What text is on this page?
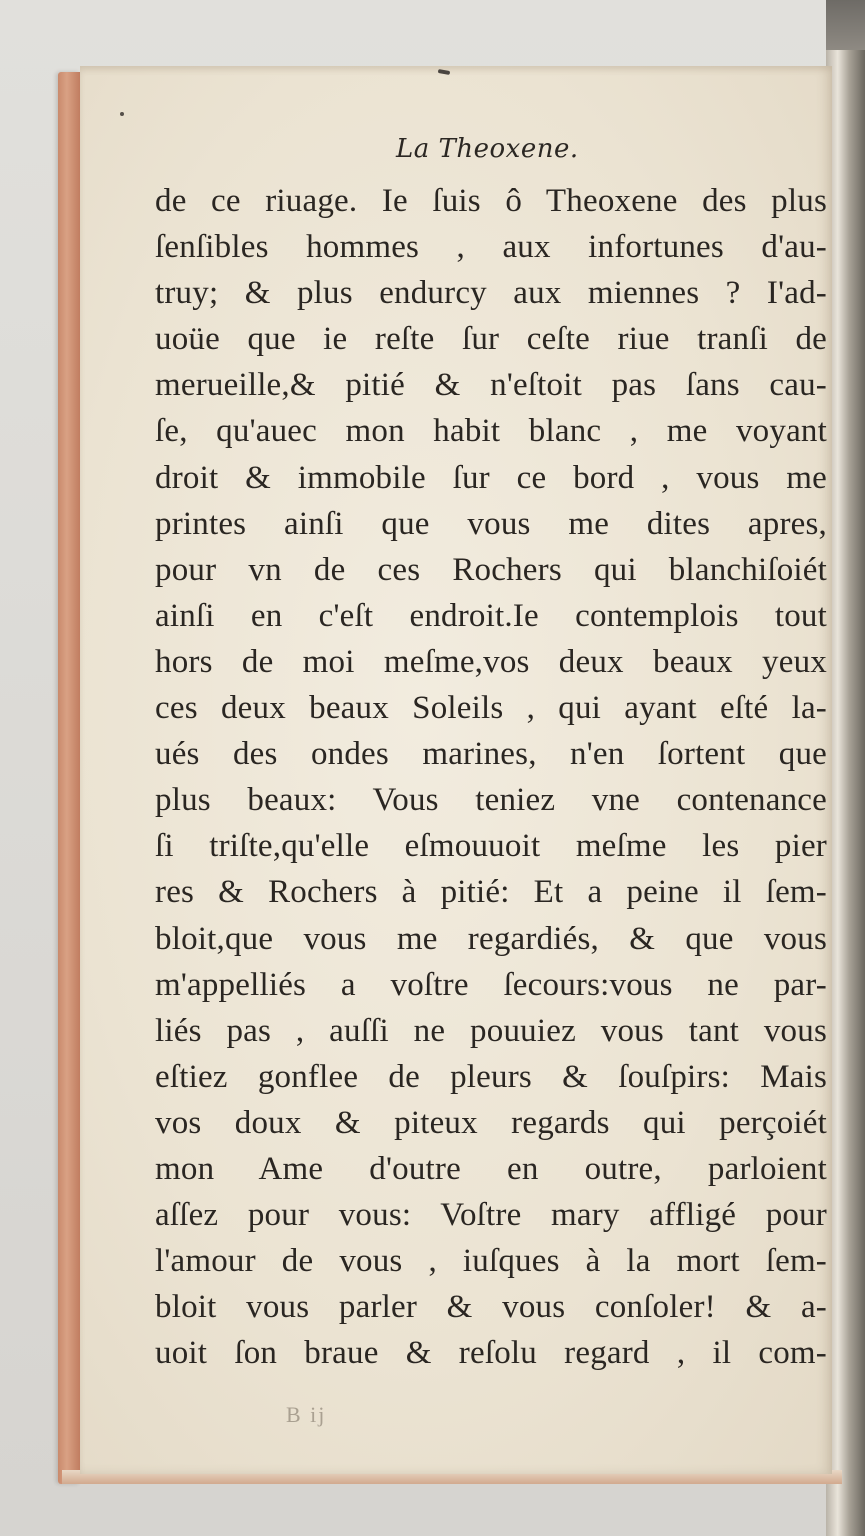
La Theoxene.
de ce riuage. Ie ſuis ô Theoxene des plus
ſenſibles hommes , aux infortunes d'au-
truy; & plus endurcy aux miennes ? I'ad-
uoüe que ie reſte ſur ceſte riue tranſi de
merueille,& pitié & n'eſtoit pas ſans cau-
ſe, qu'auec mon habit blanc , me voyant
droit & immobile ſur ce bord , vous me
printes ainſi que vous me dites apres,
pour vn de ces Rochers qui blanchiſoiét
ainſi en c'eſt endroit.Ie contemplois tout
hors de moi meſme,vos deux beaux yeux
ces deux beaux Soleils , qui ayant eſté la-
ués des ondes marines, n'en ſortent que
plus beaux: Vous teniez vne contenance
ſi triſte,qu'elle eſmouuoit meſme les pier
res & Rochers à pitié: Et a peine il ſem-
bloit,que vous me regardiés, & que vous
m'appelliés a voſtre ſecours:vous ne par-
liés pas , auſſi ne pouuiez vous tant vous
eſtiez gonflee de pleurs & ſouſpirs: Mais
vos doux & piteux regards qui perçoiét
mon Ame d'outre en outre, parloient
aſſez pour vous: Voſtre mary affligé pour
l'amour de vous , iuſques à la mort ſem-
bloit vous parler & vous conſoler! & a-
uoit ſon braue & reſolu regard , il com-
B ij
